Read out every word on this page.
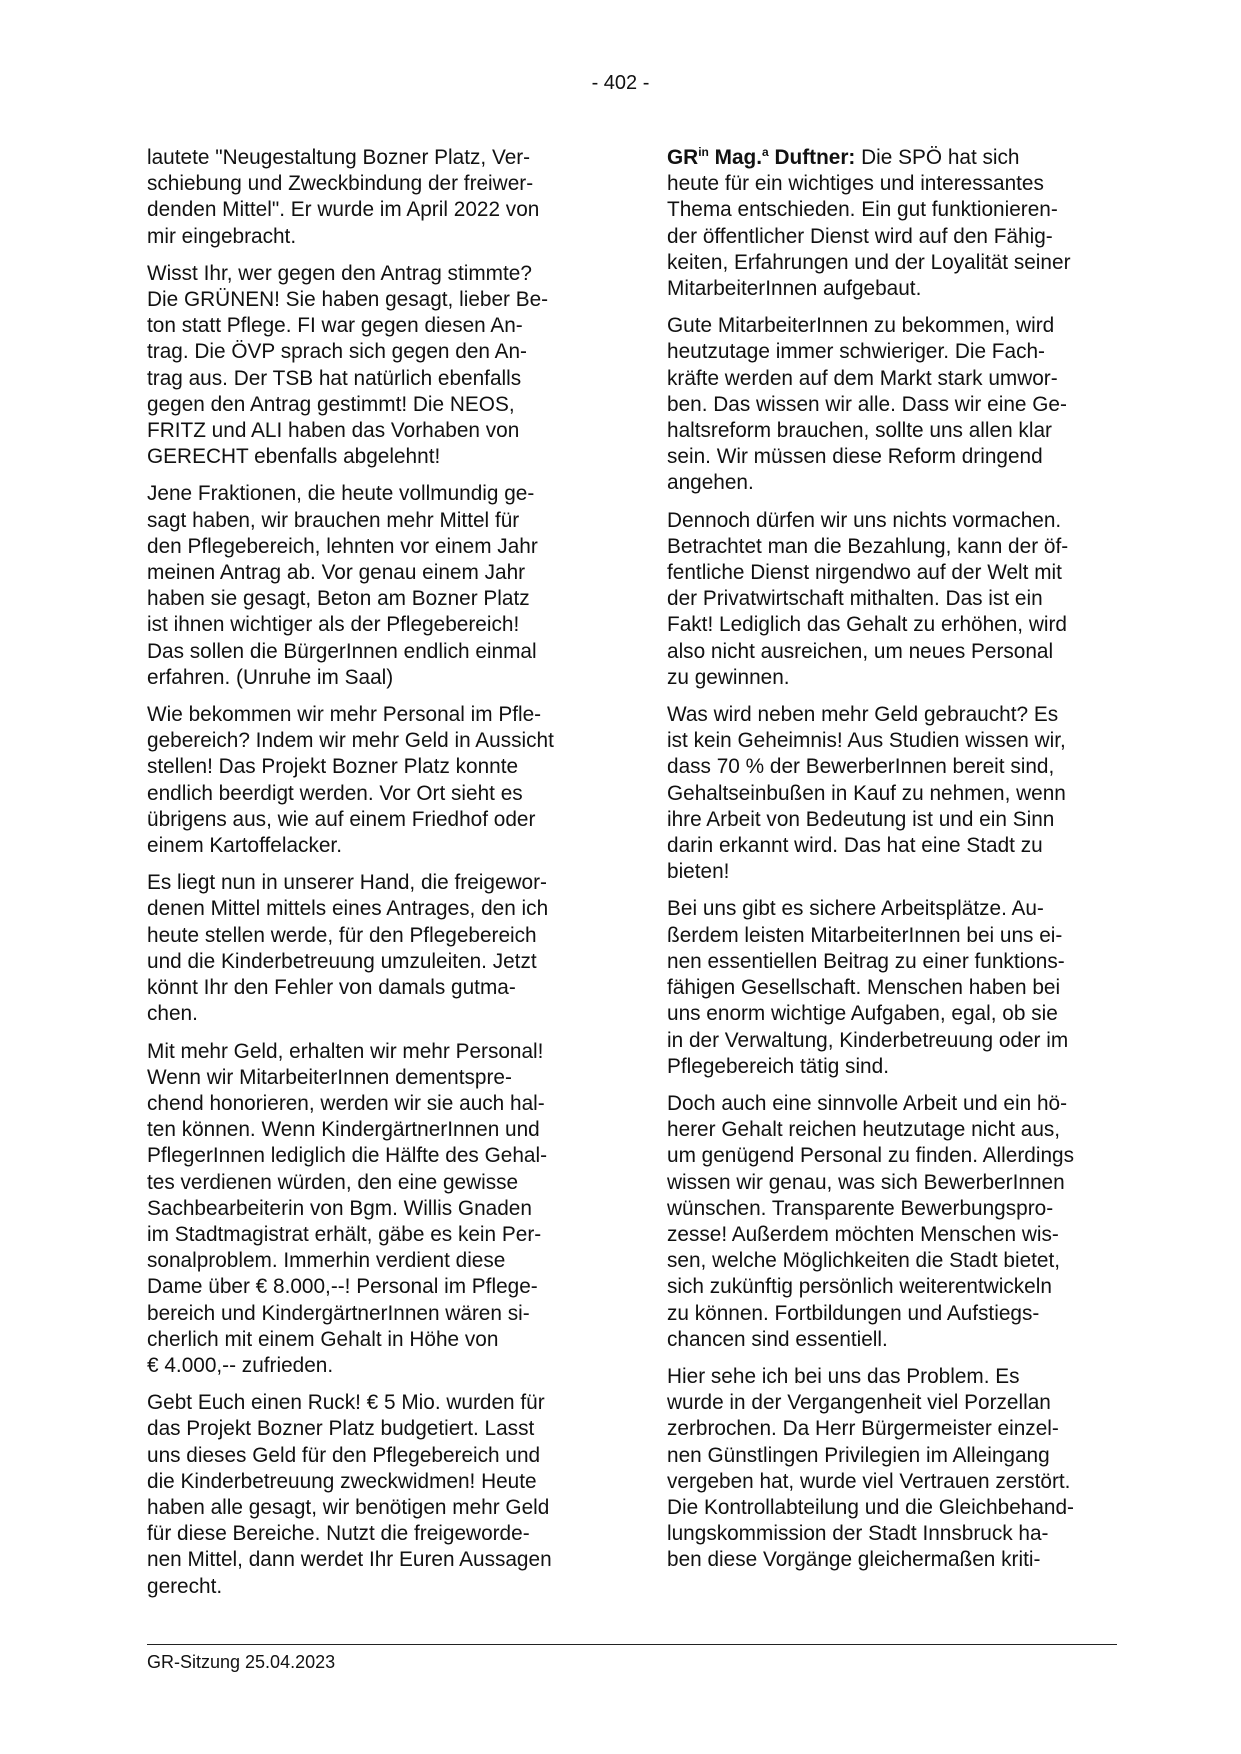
- 402 -

lautete "Neugestaltung Bozner Platz, Ver-
schiebung und Zweckbindung der freiwer-
denden Mittel". Er wurde im April 2022 von
mir eingebracht.

Wisst Ihr, wer gegen den Antrag stimmte?
Die GRÜNEN! Sie haben gesagt, lieber Be-
ton statt Pflege. FI war gegen diesen An-
trag. Die ÖVP sprach sich gegen den An-
trag aus. Der TSB hat natürlich ebenfalls
gegen den Antrag gestimmt! Die NEOS,
FRITZ und ALI haben das Vorhaben von
GERECHT ebenfalls abgelehnt!

Jene Fraktionen, die heute vollmundig ge-
sagt haben, wir brauchen mehr Mittel für
den Pflegebereich, lehnten vor einem Jahr
meinen Antrag ab. Vor genau einem Jahr
haben sie gesagt, Beton am Bozner Platz
ist ihnen wichtiger als der Pflegebereich!
Das sollen die BürgerInnen endlich einmal
erfahren. (Unruhe im Saal)

Wie bekommen wir mehr Personal im Pfle-
gebereich? Indem wir mehr Geld in Aussicht
stellen! Das Projekt Bozner Platz konnte
endlich beerdigt werden. Vor Ort sieht es
übrigens aus, wie auf einem Friedhof oder
einem Kartoffelacker.

Es liegt nun in unserer Hand, die freigewor-
denen Mittel mittels eines Antrages, den ich
heute stellen werde, für den Pflegebereich
und die Kinderbetreuung umzuleiten. Jetzt
könnt Ihr den Fehler von damals gutma-
chen.

Mit mehr Geld, erhalten wir mehr Personal!
Wenn wir MitarbeiterInnen dementspre-
chend honorieren, werden wir sie auch hal-
ten können. Wenn KindergärtnerInnen und
PflegerInnen lediglich die Hälfte des Gehal-
tes verdienen würden, den eine gewisse
Sachbearbeiterin von Bgm. Willis Gnaden
im Stadtmagistrat erhält, gäbe es kein Per-
sonalproblem. Immerhin verdient diese
Dame über € 8.000,--! Personal im Pflege-
bereich und KindergärtnerInnen wären si-
cherlich mit einem Gehalt in Höhe von
€ 4.000,-- zufrieden.

Gebt Euch einen Ruck! € 5 Mio. wurden für
das Projekt Bozner Platz budgetiert. Lasst
uns dieses Geld für den Pflegebereich und
die Kinderbetreuung zweckwidmen! Heute
haben alle gesagt, wir benötigen mehr Geld
für diese Bereiche. Nutzt die freigeworde-
nen Mittel, dann werdet Ihr Euren Aussagen
gerecht.

$GR^{in}$ Mag.$^a$ Duftner: Die SPÖ hat sich
heute für ein wichtiges und interessantes
Thema entschieden. Ein gut funktionieren-
der öffentlicher Dienst wird auf den Fähig-
keiten, Erfahrungen und der Loyalität seiner
MitarbeiterInnen aufgebaut.

Gute MitarbeiterInnen zu bekommen, wird
heutzutage immer schwieriger. Die Fach-
kräfte werden auf dem Markt stark umwor-
ben. Das wissen wir alle. Dass wir eine Ge-
haltsreform brauchen, sollte uns allen klar
sein. Wir müssen diese Reform dringend
angehen.

Dennoch dürfen wir uns nichts vormachen.
Betrachtet man die Bezahlung, kann der öf-
fentliche Dienst nirgendwo auf der Welt mit
der Privatwirtschaft mithalten. Das ist ein
Fakt! Lediglich das Gehalt zu erhöhen, wird
also nicht ausreichen, um neues Personal
zu gewinnen.

Was wird neben mehr Geld gebraucht? Es
ist kein Geheimnis! Aus Studien wissen wir,
dass 70 % der BewerberInnen bereit sind,
Gehaltseinbußen in Kauf zu nehmen, wenn
ihre Arbeit von Bedeutung ist und ein Sinn
darin erkannt wird. Das hat eine Stadt zu
bieten!

Bei uns gibt es sichere Arbeitsplätze. Au-
ßerdem leisten MitarbeiterInnen bei uns ei-
nen essentiellen Beitrag zu einer funktions-
fähigen Gesellschaft. Menschen haben bei
uns enorm wichtige Aufgaben, egal, ob sie
in der Verwaltung, Kinderbetreuung oder im
Pflegebereich tätig sind.

Doch auch eine sinnvolle Arbeit und ein hö-
herer Gehalt reichen heutzutage nicht aus,
um genügend Personal zu finden. Allerdings
wissen wir genau, was sich BewerberInnen
wünschen. Transparente Bewerbungspro-
zesse! Außerdem möchten Menschen wis-
sen, welche Möglichkeiten die Stadt bietet,
sich zukünftig persönlich weiterentwickeln
zu können. Fortbildungen und Aufstiegs-
chancen sind essentiell.

Hier sehe ich bei uns das Problem. Es
wurde in der Vergangenheit viel Porzellan
zerbrochen. Da Herr Bürgermeister einzel-
nen Günstlingen Privilegien im Alleingang
vergeben hat, wurde viel Vertrauen zerstört.
Die Kontrollabteilung und die Gleichbehand-
lungskommission der Stadt Innsbruck ha-
ben diese Vorgänge gleichermaßen kriti-

GR-Sitzung 25.04.2023
